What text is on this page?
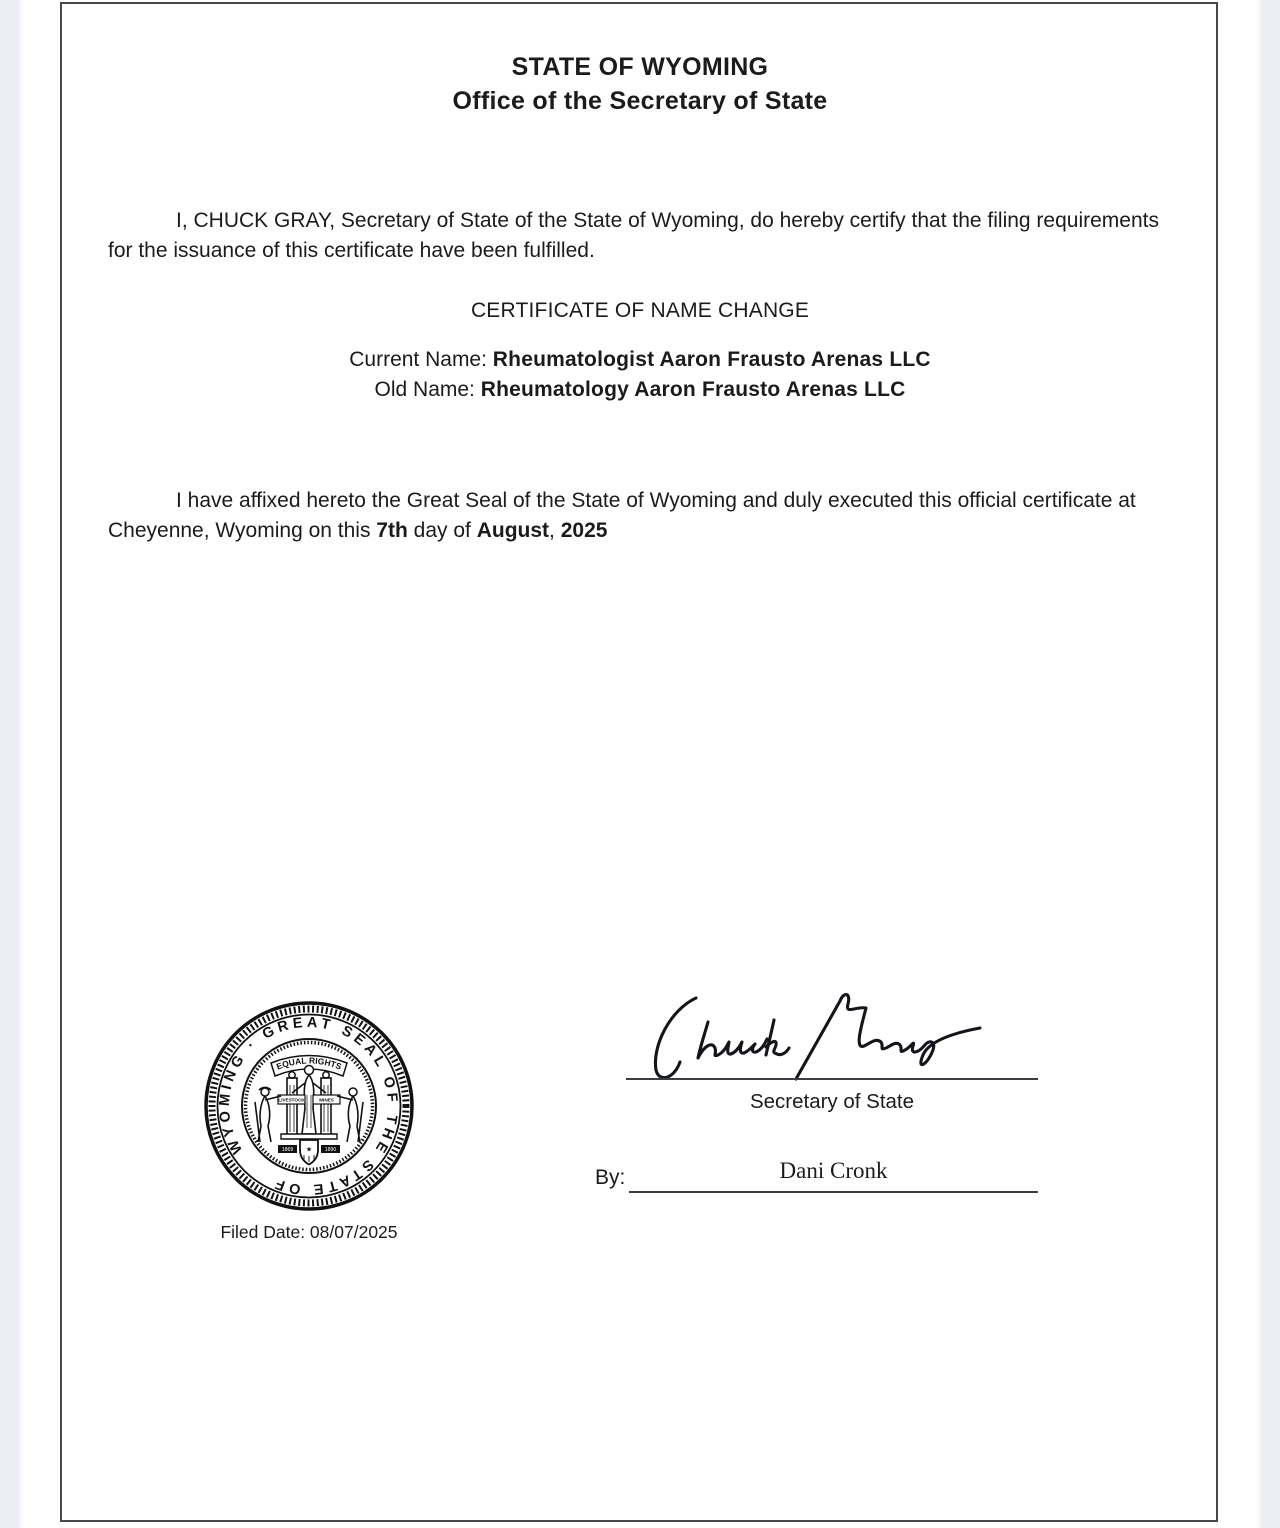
STATE OF WYOMING
Office of the Secretary of State

I, CHUCK GRAY, Secretary of State of the State of Wyoming, do hereby certify that the filing requirements for the issuance of this certificate have been fulfilled.

CERTIFICATE OF NAME CHANGE
Current Name: Rheumatologist Aaron Frausto Arenas LLC
Old Name: Rheumatology Aaron Frausto Arenas LLC

I have affixed hereto the Great Seal of the State of Wyoming and duly executed this official certificate at Cheyenne, Wyoming on this 7th day of August, 2025

WYOMING · GREAT SEAL OF THE STATE OF
EQUAL RIGHTS
LIVESTOCK	MINES
1869	1890
★
Filed Date: 08/07/2025
Secretary of State
By:	Dani Cronk
